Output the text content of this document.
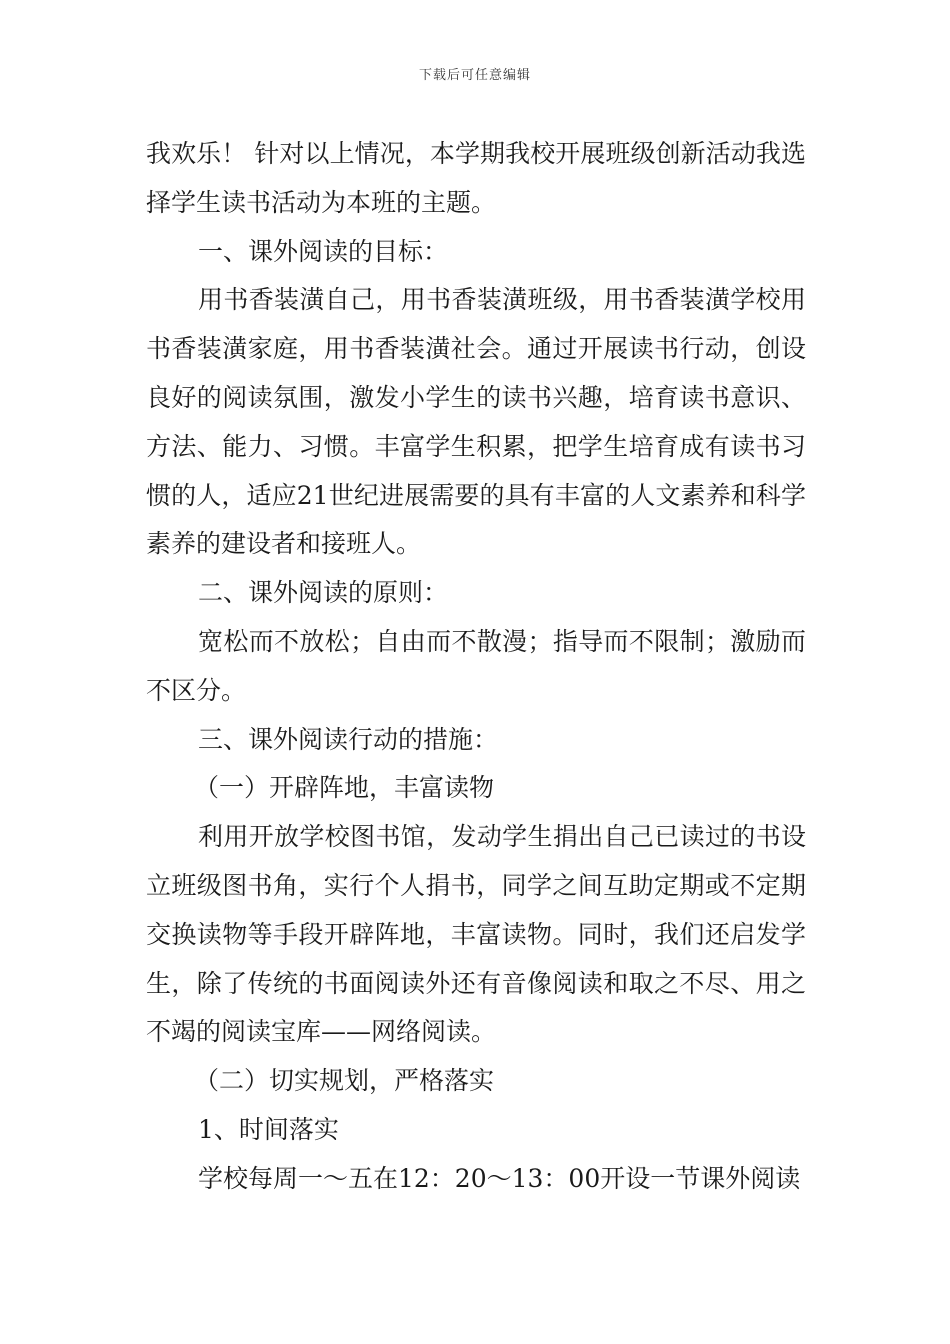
下载后可任意编辑

我欢乐！ 针对以上情况，本学期我校开展班级创新活动我选择学生读书活动为本班的主题。

一、课外阅读的目标：

用书香装潢自己，用书香装潢班级，用书香装潢学校用书香装潢家庭，用书香装潢社会。通过开展读书行动，创设良好的阅读氛围，激发小学生的读书兴趣，培育读书意识、方法、能力、习惯。丰富学生积累，把学生培育成有读书习惯的人，适应21世纪进展需要的具有丰富的人文素养和科学素养的建设者和接班人。

二、课外阅读的原则：

宽松而不放松；自由而不散漫；指导而不限制；激励而不区分。

三、课外阅读行动的措施：

（一）开辟阵地，丰富读物

利用开放学校图书馆，发动学生捐出自己已读过的书设立班级图书角，实行个人捐书，同学之间互助定期或不定期交换读物等手段开辟阵地，丰富读物。同时，我们还启发学生，除了传统的书面阅读外还有音像阅读和取之不尽、用之不竭的阅读宝库——网络阅读。

（二）切实规划，严格落实

1、时间落实

学校每周一～五在12：20～13：00开设一节课外阅读
